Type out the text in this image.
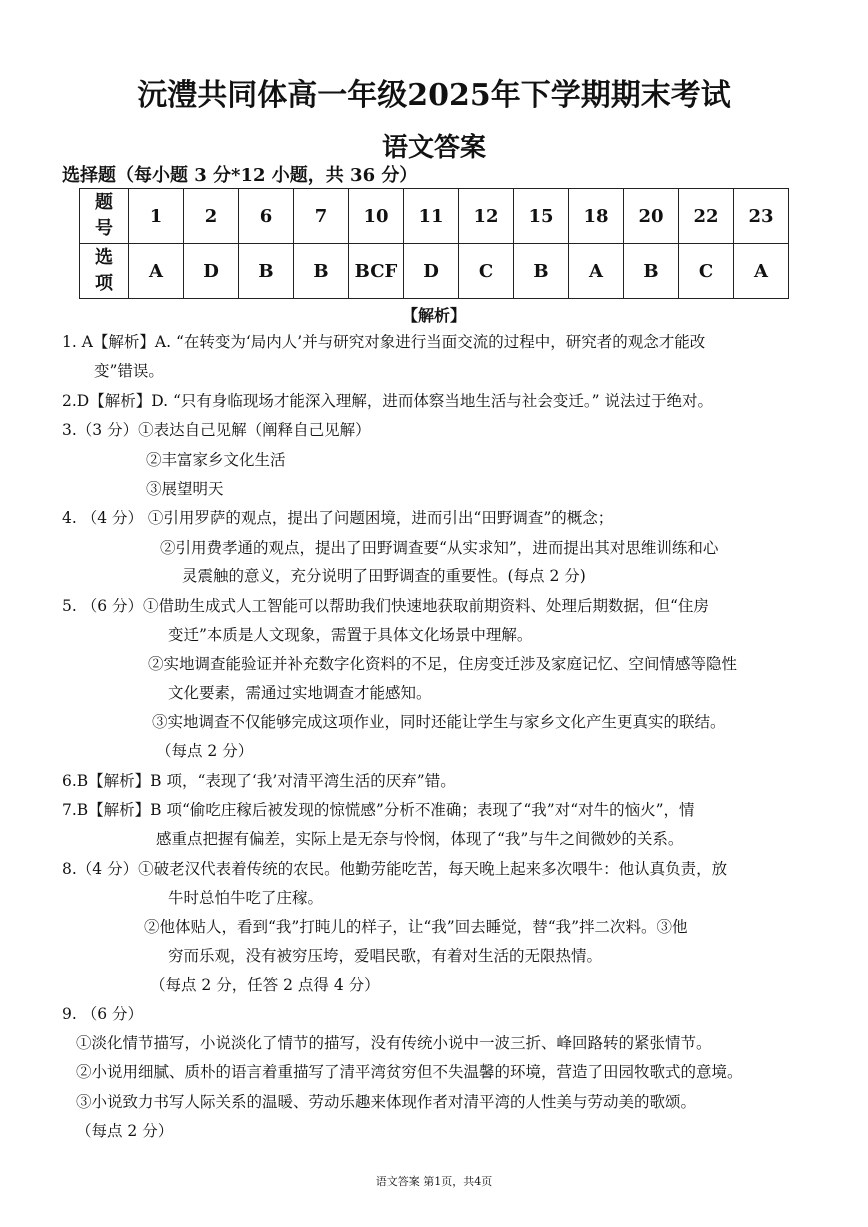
沅澧共同体高一年级2025年下学期期末考试
语文答案
选择题（每小题 3 分*12 小题，共 36 分）
题
号	1	2	6	7	10	11	12	15	18	20	22	23
选
项	A	D	B	B	BCF	D	C	B	A	B	C	A
【解析】
1. A【解析】A. “在转变为‘局内人’并与研究对象进行当面交流的过程中，研究者的观念才能改
变”错误。
2.D【解析】D. “只有身临现场才能深入理解，进而体察当地生活与社会变迁。” 说法过于绝对。
3.（3 分）①表达自己见解（阐释自己见解）
②丰富家乡文化生活
③展望明天
4. （4 分） ①引用罗萨的观点，提出了问题困境，进而引出“田野调查”的概念；
②引用费孝通的观点，提出了田野调查要“从实求知”，进而提出其对思维训练和心
灵震触的意义，充分说明了田野调查的重要性。(每点 2 分)
5. （6 分）①借助生成式人工智能可以帮助我们快速地获取前期资料、处理后期数据，但“住房
变迁”本质是人文现象，需置于具体文化场景中理解。
②实地调查能验证并补充数字化资料的不足，住房变迁涉及家庭记忆、空间情感等隐性
文化要素，需通过实地调查才能感知。
③实地调查不仅能够完成这项作业，同时还能让学生与家乡文化产生更真实的联结。
（每点 2 分）
6.B【解析】B 项，“表现了‘我’对清平湾生活的厌弃”错。
7.B【解析】B 项“偷吃庄稼后被发现的惊慌感”分析不准确；表现了“我”对“对牛的恼火”，情
感重点把握有偏差，实际上是无奈与怜悯，体现了“我”与牛之间微妙的关系。
8.（4 分）①破老汉代表着传统的农民。他勤劳能吃苦，每天晚上起来多次喂牛：他认真负责，放
牛时总怕牛吃了庄稼。
②他体贴人，看到“我”打盹儿的样子，让“我”回去睡觉，替“我”拌二次料。③他
穷而乐观，没有被穷压垮，爱唱民歌，有着对生活的无限热情。
（每点 2 分，任答 2 点得 4 分）
9. （6 分）
①淡化情节描写，小说淡化了情节的描写，没有传统小说中一波三折、峰回路转的紧张情节。
②小说用细腻、质朴的语言着重描写了清平湾贫穷但不失温馨的环境，营造了田园牧歌式的意境。
③小说致力书写人际关系的温暖、劳动乐趣来体现作者对清平湾的人性美与劳动美的歌颂。
（每点 2 分）
语文答案 第1页，共4页
